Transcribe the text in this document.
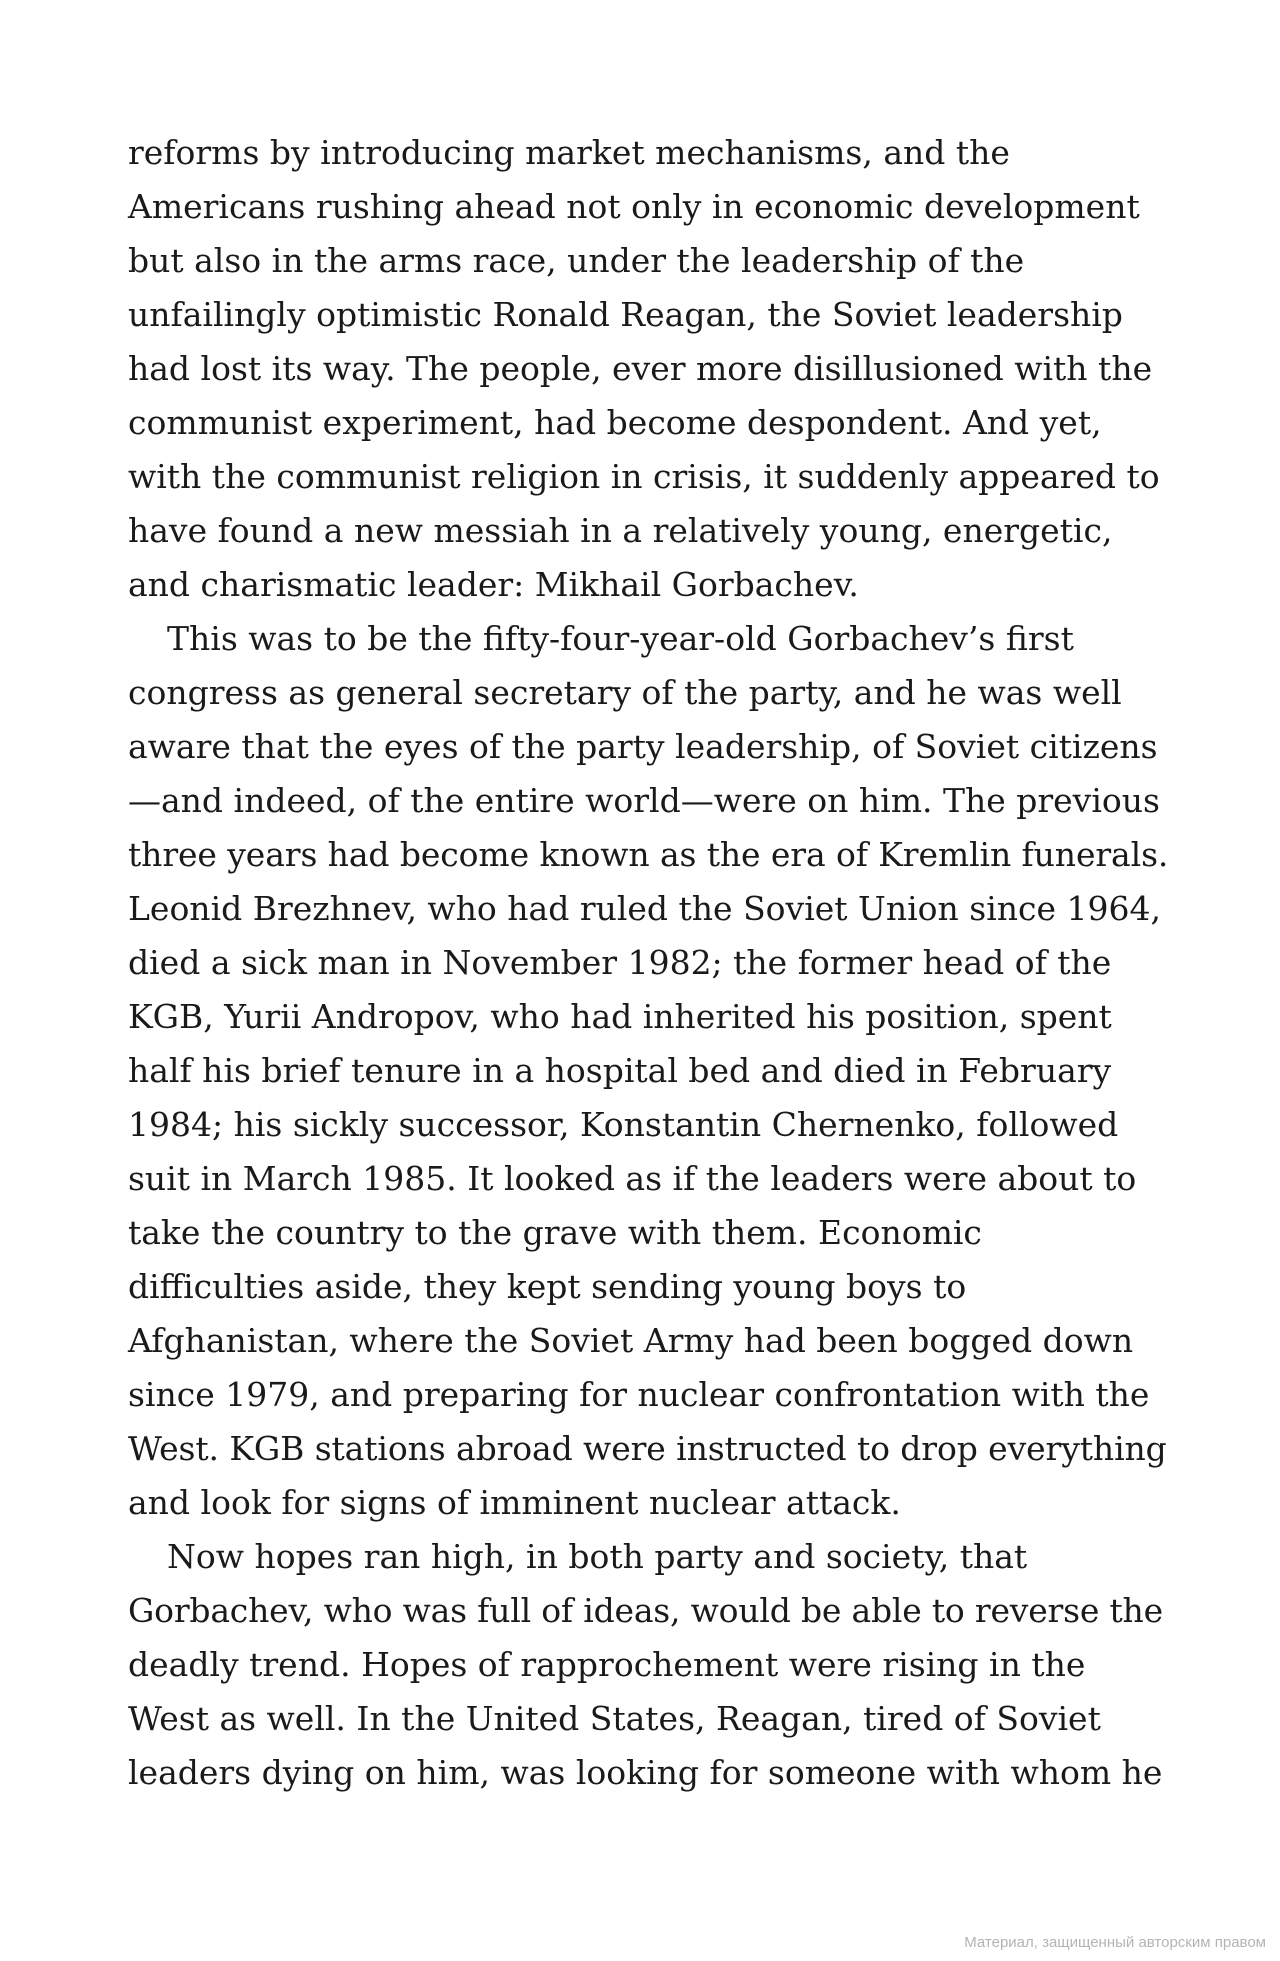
reforms by introducing market mechanisms, and the
Americans rushing ahead not only in economic development
but also in the arms race, under the leadership of the
unfailingly optimistic Ronald Reagan, the Soviet leadership
had lost its way. The people, ever more disillusioned with the
communist experiment, had become despondent. And yet,
with the communist religion in crisis, it suddenly appeared to
have found a new messiah in a relatively young, energetic,
and charismatic leader: Mikhail Gorbachev.
This was to be the fifty-four-year-old Gorbachev’s first
congress as general secretary of the party, and he was well
aware that the eyes of the party leadership, of Soviet citizens
—and indeed, of the entire world—were on him. The previous
three years had become known as the era of Kremlin funerals.
Leonid Brezhnev, who had ruled the Soviet Union since 1964,
died a sick man in November 1982; the former head of the
KGB, Yurii Andropov, who had inherited his position, spent
half his brief tenure in a hospital bed and died in February
1984; his sickly successor, Konstantin Chernenko, followed
suit in March 1985. It looked as if the leaders were about to
take the country to the grave with them. Economic
difficulties aside, they kept sending young boys to
Afghanistan, where the Soviet Army had been bogged down
since 1979, and preparing for nuclear confrontation with the
West. KGB stations abroad were instructed to drop everything
and look for signs of imminent nuclear attack.
Now hopes ran high, in both party and society, that
Gorbachev, who was full of ideas, would be able to reverse the
deadly trend. Hopes of rapprochement were rising in the
West as well. In the United States, Reagan, tired of Soviet
leaders dying on him, was looking for someone with whom he
Материал, защищенный авторским правом
